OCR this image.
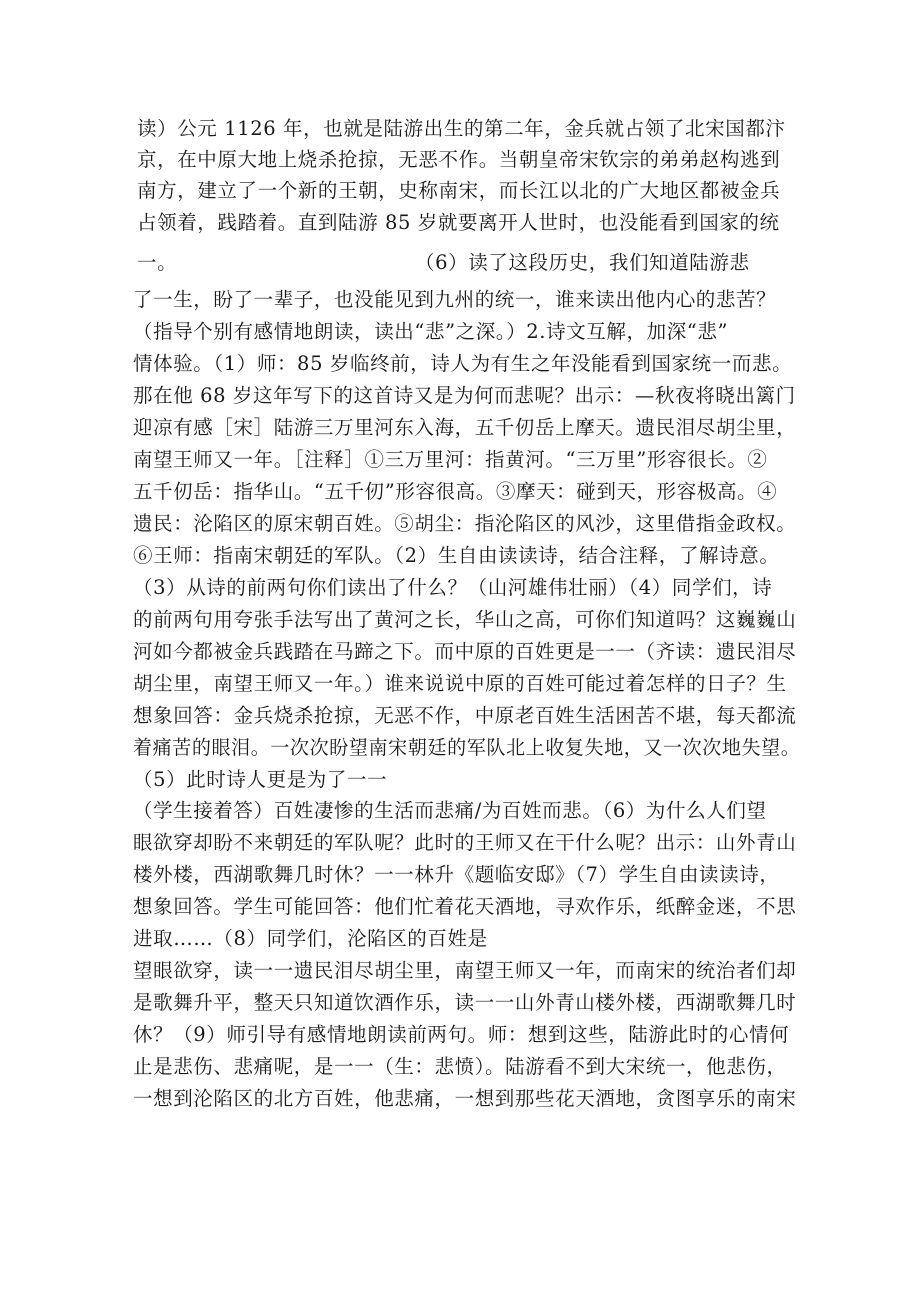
读）公元 1126 年，也就是陆游出生的第二年，金兵就占领了北宋国都汴
京，在中原大地上烧杀抢掠，无恶不作。当朝皇帝宋钦宗的弟弟赵构逃到
南方，建立了一个新的王朝，史称南宋，而长江以北的广大地区都被金兵
占领着，践踏着。直到陆游 85 岁就要离开人世时，也没能看到国家的统
一。	（6）读了这段历史，我们知道陆游悲
了一生，盼了一辈子，也没能见到九州的统一，谁来读出他内心的悲苦？
（指导个别有感情地朗读，读出“悲”之深。）2.诗文互解，加深“悲”
情体验。（1）师：85 岁临终前，诗人为有生之年没能看到国家统一而悲。
那在他 68 岁这年写下的这首诗又是为何而悲呢？出示：—秋夜将晓出篱门
迎凉有感［宋］陆游三万里河东入海，五千仞岳上摩天。遗民泪尽胡尘里，
南望王师又一年。［注释］①三万里河：指黄河。“三万里”形容很长。②
五千仞岳：指华山。“五千仞”形容很高。③摩天：碰到天，形容极高。④
遗民：沦陷区的原宋朝百姓。⑤胡尘：指沦陷区的风沙，这里借指金政权。
⑥王师：指南宋朝廷的军队。（2）生自由读读诗，结合注释，了解诗意。
（3）从诗的前两句你们读出了什么？（山河雄伟壮丽）（4）同学们，诗
的前两句用夸张手法写出了黄河之长，华山之高，可你们知道吗？这巍巍山
河如今都被金兵践踏在马蹄之下。而中原的百姓更是一一（齐读：遗民泪尽
胡尘里，南望王师又一年。）谁来说说中原的百姓可能过着怎样的日子？生
想象回答：金兵烧杀抢掠，无恶不作，中原老百姓生活困苦不堪，每天都流
着痛苦的眼泪。一次次盼望南宋朝廷的军队北上收复失地，又一次次地失望。
（5）此时诗人更是为了一一
（学生接着答）百姓凄惨的生活而悲痛/为百姓而悲。（6）为什么人们望
眼欲穿却盼不来朝廷的军队呢？此时的王师又在干什么呢？出示：山外青山
楼外楼，西湖歌舞几时休？一一林升《题临安邸》（7）学生自由读读诗，
想象回答。学生可能回答：他们忙着花天酒地，寻欢作乐，纸醉金迷，不思
进取……（8）同学们，沦陷区的百姓是
望眼欲穿，读一一遗民泪尽胡尘里，南望王师又一年，而南宋的统治者们却
是歌舞升平，整天只知道饮酒作乐，读一一山外青山楼外楼，西湖歌舞几时
休？（9）师引导有感情地朗读前两句。师：想到这些，陆游此时的心情何
止是悲伤、悲痛呢，是一一（生：悲愤）。陆游看不到大宋统一，他悲伤，
一想到沦陷区的北方百姓，他悲痛，一想到那些花天酒地，贪图享乐的南宋
